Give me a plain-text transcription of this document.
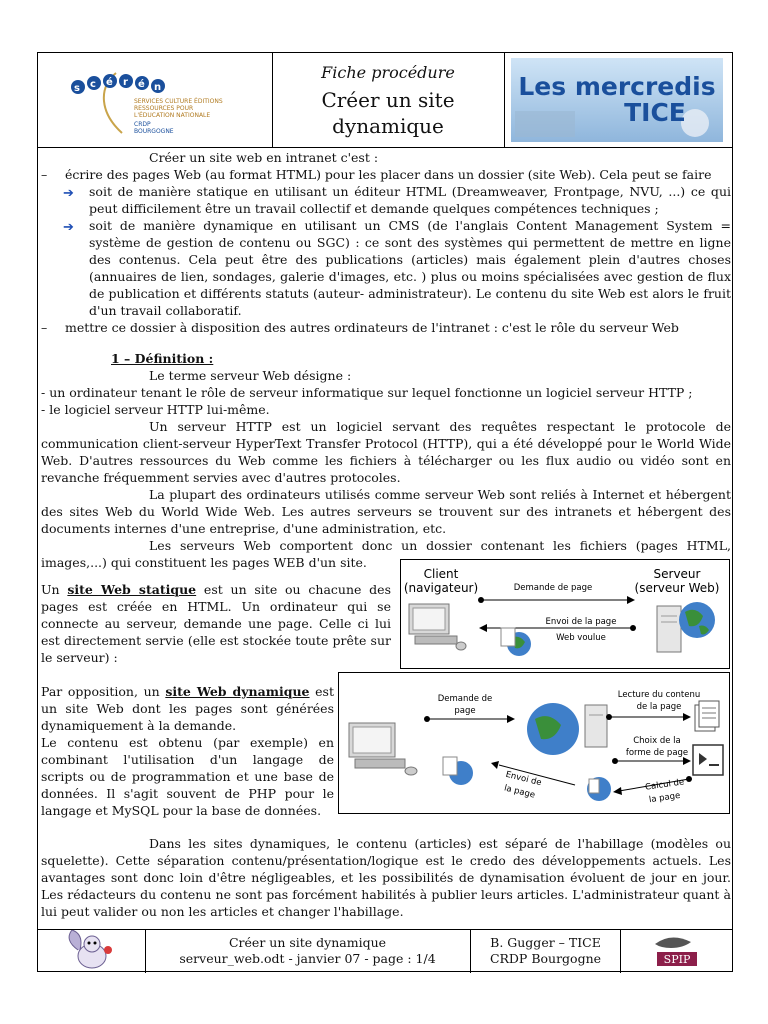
s c é r é n
SERVICES CULTURE ÉDITIONS
RESSOURCES POUR
L'ÉDUCATION NATIONALE
CRDP
BOURGOGNE
Fiche procédure
Créer un site
dynamique
Les mercredis
TICE

Créer un site web en intranet c'est :

– écrire des pages Web (au format HTML) pour les placer dans un dossier (site Web). Cela peut se faire

➔ soit de manière statique en utilisant un éditeur HTML (Dreamweaver, Frontpage, NVU, ...) ce qui peut difficilement être un travail collectif et demande quelques compétences techniques ;
➔ soit de manière dynamique en utilisant un CMS (de l'anglais Content Management System = système de gestion de contenu ou SGC) : ce sont des systèmes qui permettent de mettre en ligne des contenus. Cela peut être des publications (articles) mais également plein d'autres choses (annuaires de lien, sondages, galerie d'images, etc. ) plus ou moins spécialisées avec gestion de flux de publication et différents statuts (auteur- administrateur). Le contenu du site Web est alors le fruit d'un travail collaboratif.

– mettre ce dossier à disposition des autres ordinateurs de l'intranet : c'est le rôle du serveur Web

1 – Définition :

Le terme serveur Web désigne :

- un ordinateur tenant le rôle de serveur informatique sur lequel fonctionne un logiciel serveur HTTP ;

- le logiciel serveur HTTP lui-même.

Un serveur HTTP est un logiciel servant des requêtes respectant le protocole de communication client-serveur HyperText Transfer Protocol (HTTP), qui a été développé pour le World Wide Web. D'autres ressources du Web comme les fichiers à télécharger ou les flux audio ou vidéo sont en revanche fréquemment servies avec d'autres protocoles.

La plupart des ordinateurs utilisés comme serveur Web sont reliés à Internet et hébergent des sites Web du World Wide Web. Les autres serveurs se trouvent sur des intranets et hébergent des documents internes d'une entreprise, d'une administration, etc.

Les serveurs Web comportent donc un dossier contenant les fichiers (pages HTML, images,...) qui constituent les pages WEB d'un site.

Un site Web statique est un site ou chacune des pages est créée en HTML. Un ordinateur qui se connecte au serveur, demande une page. Celle ci lui est directement servie (elle est stockée toute prête sur le serveur) :
Client
(navigateur)
Serveur
(serveur Web)
Demande de page
Envoi de la page
Web voulue
Par opposition, un site Web dynamique est un site Web dont les pages sont générées dynamiquement à la demande.
Le contenu est obtenu (par exemple) en combinant l'utilisation d'un langage de scripts ou de programmation et une base de données. Il s'agit souvent de PHP pour le langage et MySQL pour la base de données.
Demande de
page
Lecture du contenu
de la page
Choix de la
forme de page
Envoi de
la page	Calcul de
la page
Dans les sites dynamiques, le contenu (articles) est séparé de l'habillage (modèles ou squelette). Cette séparation contenu/présentation/logique est le credo des développements actuels. Les avantages sont donc loin d'être négligeables, et les possibilités de dynamisation évoluent de jour en jour. Les rédacteurs du contenu ne sont pas forcément habilités à publier leurs articles. L'administrateur quant à lui peut valider ou non les articles et changer l'habillage.
Créer un site dynamique
serveur_web.odt - janvier 07 - page : 1/4
B. Gugger – TICE
CRDP Bourgogne	SPIP
